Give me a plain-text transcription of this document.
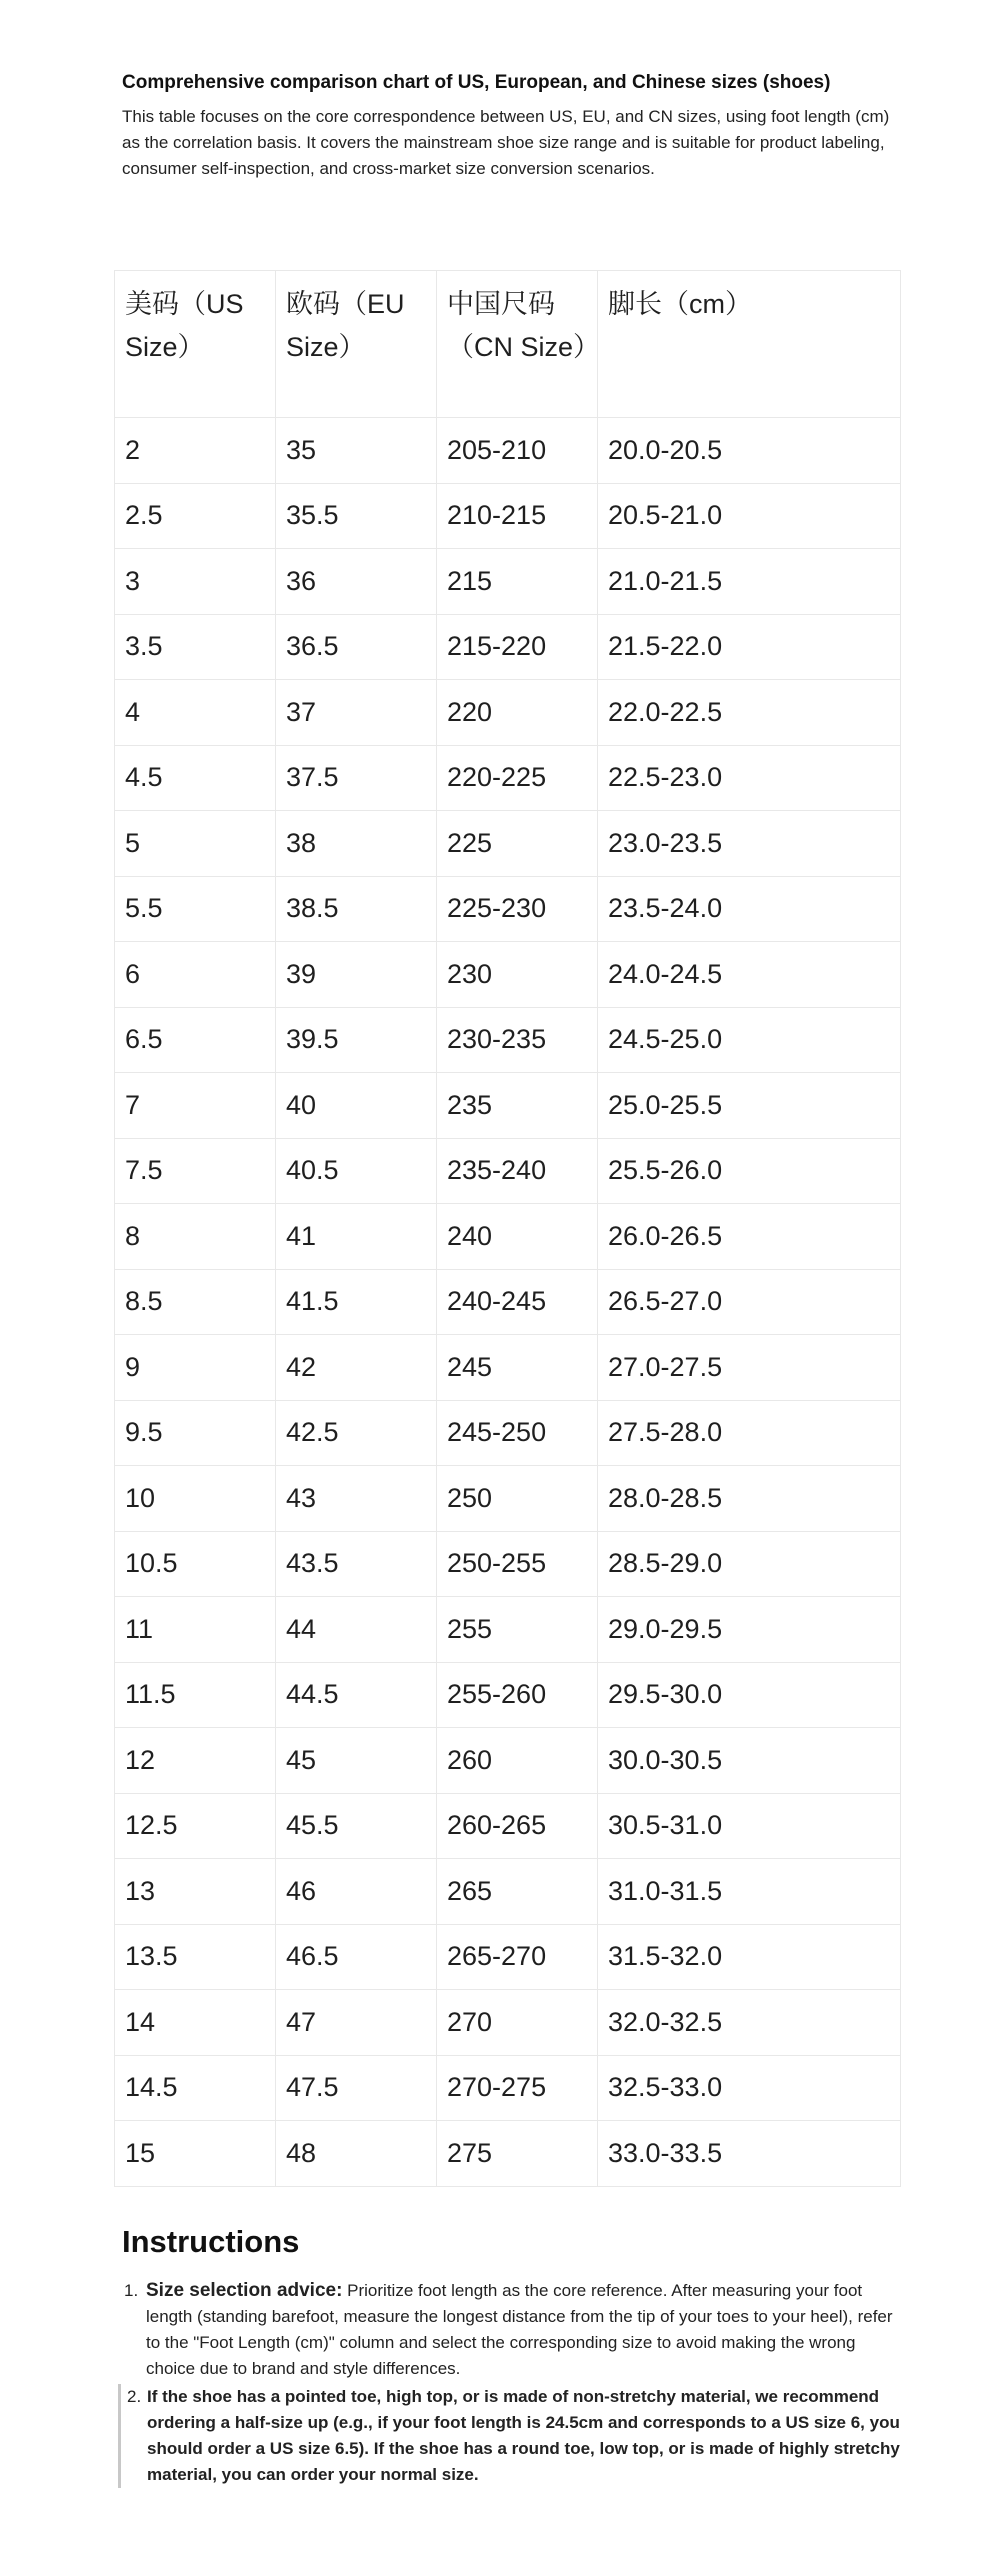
Comprehensive comparison chart of US, European, and Chinese sizes (shoes)

This table focuses on the core correspondence between US, EU, and CN sizes, using foot length (cm) as the correlation basis. It covers the mainstream shoe size range and is suitable for product labeling, consumer self-inspection, and cross-market size conversion scenarios.

美码（US Size）	欧码（EU Size）	中国尺码（CN Size）	脚长（cm）
2	35	205-210	20.0-20.5
2.5	35.5	210-215	20.5-21.0
3	36	215	21.0-21.5
3.5	36.5	215-220	21.5-22.0
4	37	220	22.0-22.5
4.5	37.5	220-225	22.5-23.0
5	38	225	23.0-23.5
5.5	38.5	225-230	23.5-24.0
6	39	230	24.0-24.5
6.5	39.5	230-235	24.5-25.0
7	40	235	25.0-25.5
7.5	40.5	235-240	25.5-26.0
8	41	240	26.0-26.5
8.5	41.5	240-245	26.5-27.0
9	42	245	27.0-27.5
9.5	42.5	245-250	27.5-28.0
10	43	250	28.0-28.5
10.5	43.5	250-255	28.5-29.0
11	44	255	29.0-29.5
11.5	44.5	255-260	29.5-30.0
12	45	260	30.0-30.5
12.5	45.5	260-265	30.5-31.0
13	46	265	31.0-31.5
13.5	46.5	265-270	31.5-32.0
14	47	270	32.0-32.5
14.5	47.5	270-275	32.5-33.0
15	48	275	33.0-33.5
Instructions
1. Size selection advice: Prioritize foot length as the core reference. After measuring your foot length (standing barefoot, measure the longest distance from the tip of your toes to your heel), refer to the "Foot Length (cm)" column and select the corresponding size to avoid making the wrong choice due to brand and style differences.
2. If the shoe has a pointed toe, high top, or is made of non-stretchy material, we recommend ordering a half-size up (e.g., if your foot length is 24.5cm and corresponds to a US size 6, you should order a US size 6.5). If the shoe has a round toe, low top, or is made of highly stretchy material, you can order your normal size.
